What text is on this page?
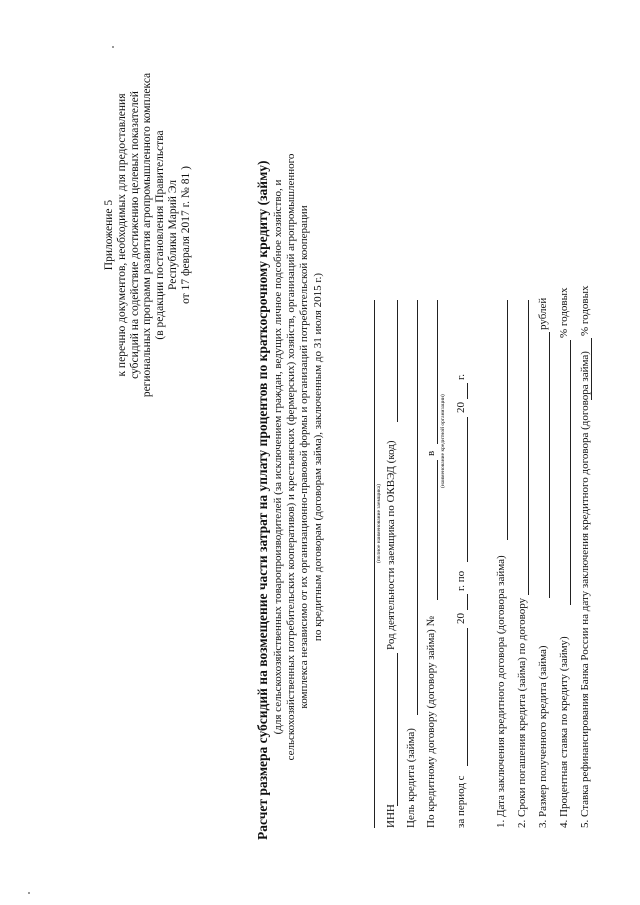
Приложение 5 к перечню документов, необходимых для предоставления субсидий на содействие достижению целевых показателей региональных программ развития агропромышленного комплекса (в редакции постановления Правительства Республики Марий Эл от 17 февраля 2017 г. № 81 )	Расчет размера субсидий на возмещение части затрат на уплату процентов по краткосрочному кредиту (займу) (для сельскохозяйственных товаропроизводителей (за исключением граждан, ведущих личное подсобное хозяйство, и сельскохозяйственных потребительских кооперативов) и крестьянских (фермерских) хозяйств, организаций агропромышленного комплекса независимо от их организационно-правовой формы и организаций потребительской кооперации по кредитным договорам (договорам займа), заключенным до 31 июля 2015 г.)	(полное наименование заемщика)
ИНН
Род деятельности заемщика по ОКВЭД (код)
Цель кредита (займа) По кредитному договору (договору займа) №
в (наименование кредитной организации)
за период с
20
г. по
20
г.
1. Дата заключения кредитного договора (договора займа) 2. Сроки погашения кредита (займа) по договору 3. Размер полученного кредита (займа)
рублей
4. Процентная ставка по кредиту (займу)
% годовых
5. Ставка рефинансирования Банка России на дату заключения кредитного договора (договора займа)
% годовых
